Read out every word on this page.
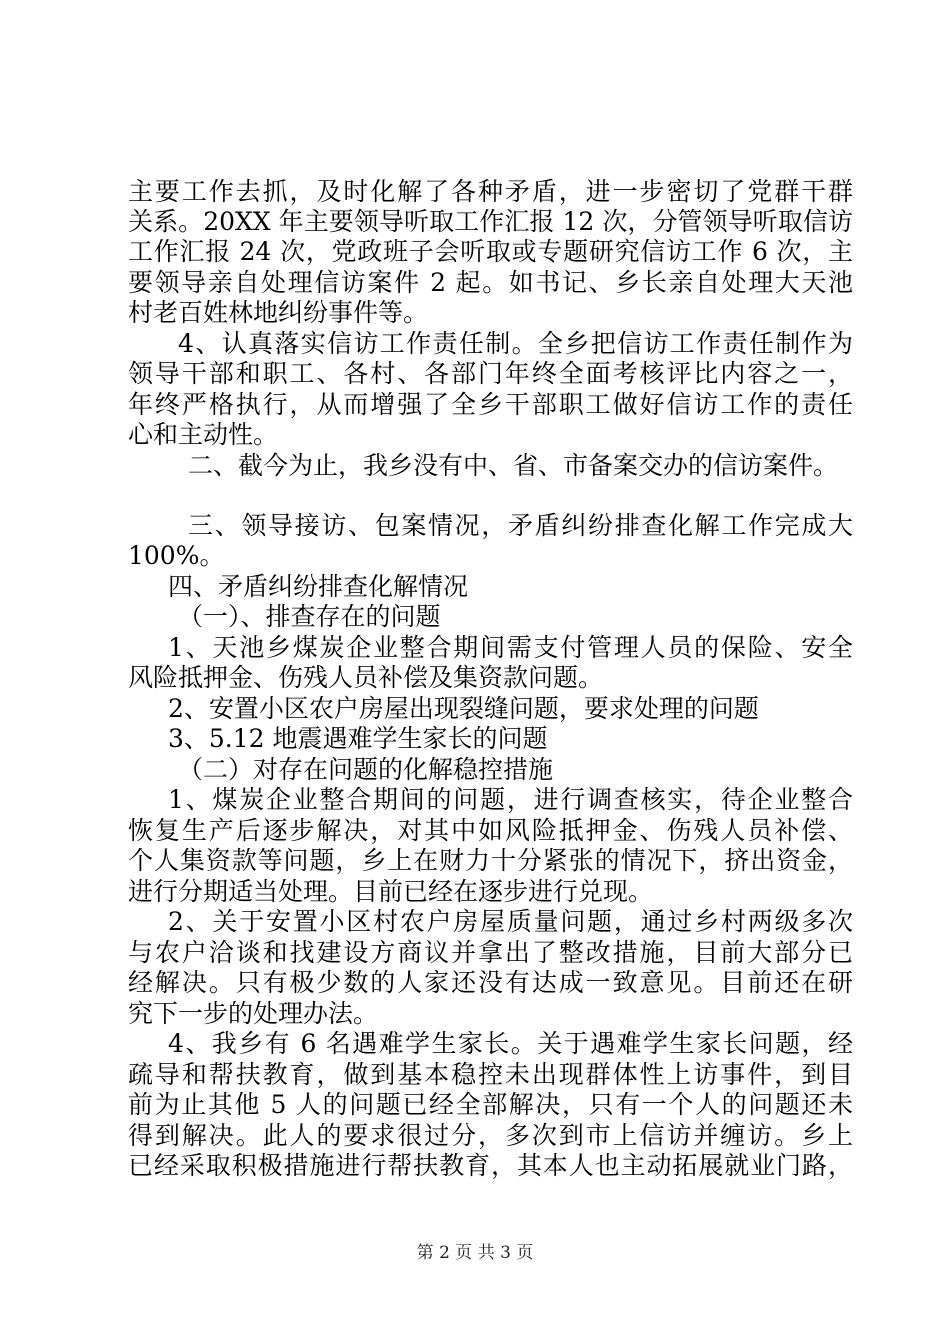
主要工作去抓，及时化解了各种矛盾，进一步密切了党群干群
关系。20XX 年主要领导听取工作汇报 12 次，分管领导听取信访
工作汇报 24 次，党政班子会听取或专题研究信访工作 6 次，主
要领导亲自处理信访案件 2 起。如书记、乡长亲自处理大天池
村老百姓林地纠纷事件等。
4、认真落实信访工作责任制。全乡把信访工作责任制作为
领导干部和职工、各村、各部门年终全面考核评比内容之一，
年终严格执行，从而增强了全乡干部职工做好信访工作的责任
心和主动性。
二、截今为止，我乡没有中、省、市备案交办的信访案件。
三、领导接访、包案情况，矛盾纠纷排查化解工作完成大
100%。
四、矛盾纠纷排查化解情况
（一）、排查存在的问题
1、天池乡煤炭企业整合期间需支付管理人员的保险、安全
风险抵押金、伤残人员补偿及集资款问题。
2、安置小区农户房屋出现裂缝问题，要求处理的问题
3、5.12 地震遇难学生家长的问题
（二）对存在问题的化解稳控措施
1、煤炭企业整合期间的问题，进行调查核实，待企业整合
恢复生产后逐步解决，对其中如风险抵押金、伤残人员补偿、
个人集资款等问题，乡上在财力十分紧张的情况下，挤出资金，
进行分期适当处理。目前已经在逐步进行兑现。
2、关于安置小区村农户房屋质量问题，通过乡村两级多次
与农户洽谈和找建设方商议并拿出了整改措施，目前大部分已
经解决。只有极少数的人家还没有达成一致意见。目前还在研
究下一步的处理办法。
4、我乡有 6 名遇难学生家长。关于遇难学生家长问题，经
疏导和帮扶教育，做到基本稳控未出现群体性上访事件，到目
前为止其他 5 人的问题已经全部解决，只有一个人的问题还未
得到解决。此人的要求很过分，多次到市上信访并缠访。乡上
已经采取积极措施进行帮扶教育，其本人也主动拓展就业门路，
第 2 页 共 3 页
